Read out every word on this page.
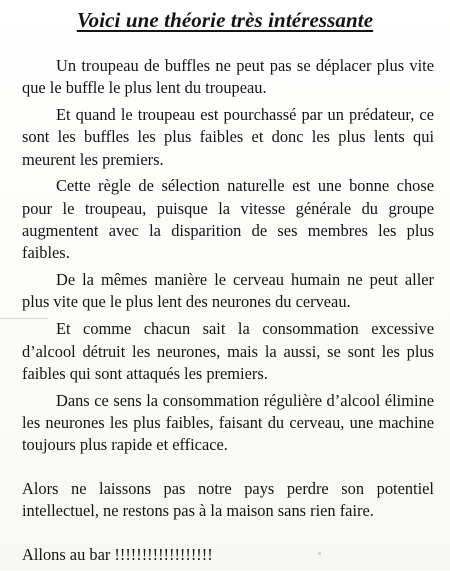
Voici une théorie très intéressante

Un troupeau de buffles ne peut pas se déplacer plus vite que le buffle le plus lent du troupeau.

Et quand le troupeau est pourchassé par un prédateur, ce sont les buffles les plus faibles et donc les plus lents qui meurent les premiers.

Cette règle de sélection naturelle est une bonne chose pour le troupeau, puisque la vitesse générale du groupe augmentent avec la disparition de ses membres les plus faibles.

De la mêmes manière le cerveau humain ne peut aller plus vite que le plus lent des neurones du cerveau.

Et comme chacun sait la consommation excessive d’alcool détruit les neurones, mais la aussi, se sont les plus faibles qui sont attaqués les premiers.

Dans ce sens la consommation régulière d’alcool élimine les neurones les plus faibles, faisant du cerveau, une machine toujours plus rapide et efficace.

Alors ne laissons pas notre pays perdre son potentiel intellectuel, ne restons pas à la maison sans rien faire.

Allons au bar !!!!!!!!!!!!!!!!!!
